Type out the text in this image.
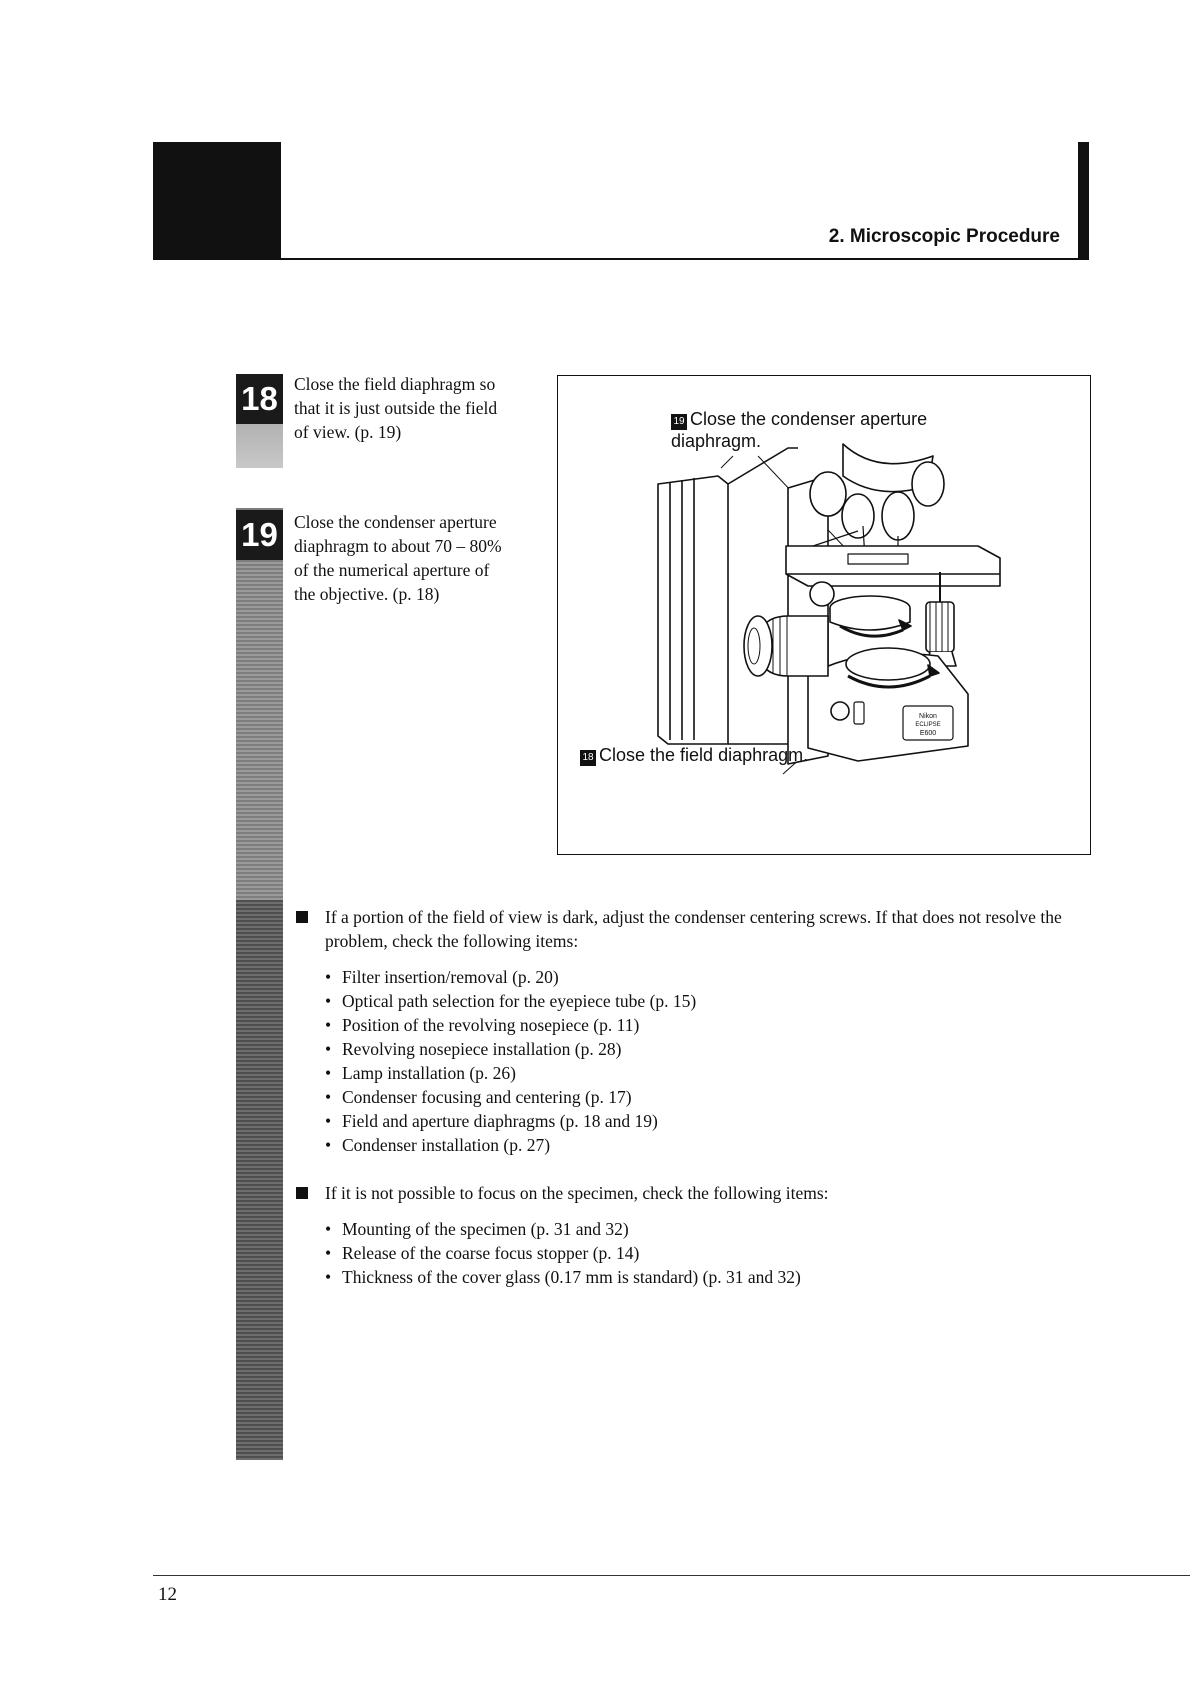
2. Microscopic Procedure
18 Close the field diaphragm so that it is just outside the field of view. (p. 19)
19 Close the condenser aperture diaphragm to about 70 – 80% of the numerical aperture of the objective. (p. 18)
19 Close the condenser aperture diaphragm.
Nikon
ECLIPSE
E600
18 Close the field diaphragm.
If a portion of the field of view is dark, adjust the condenser centering screws. If that does not resolve the problem, check the following items:
• Filter insertion/removal (p. 20)
• Optical path selection for the eyepiece tube (p. 15)
• Position of the revolving nosepiece (p. 11)
• Revolving nosepiece installation (p. 28)
• Lamp installation (p. 26)
• Condenser focusing and centering (p. 17)
• Field and aperture diaphragms (p. 18 and 19)
• Condenser installation (p. 27)
If it is not possible to focus on the specimen, check the following items:
• Mounting of the specimen (p. 31 and 32)
• Release of the coarse focus stopper (p. 14)
• Thickness of the cover glass (0.17 mm is standard) (p. 31 and 32)
12
